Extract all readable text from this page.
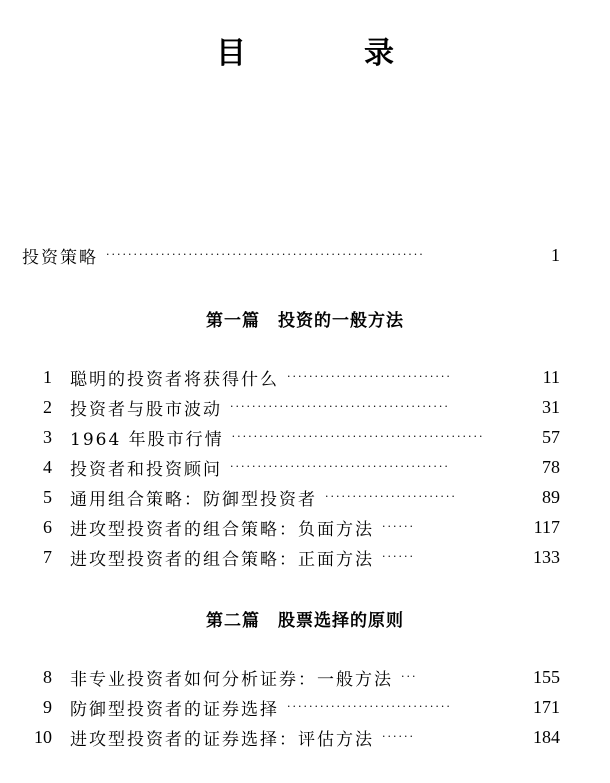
目　录
投资策略 ··························································	1
第一篇　投资的一般方法
1 聪明的投资者将获得什么 ······························	11
2 投资者与股市波动 ········································	31
3 1964 年股市行情 ··············································	57
4 投资者和投资顾问 ········································	78
5 通用组合策略：防御型投资者 ························	89
6 进攻型投资者的组合策略：负面方法 ······	117
7 进攻型投资者的组合策略：正面方法 ······	133
第二篇　股票选择的原则
8 非专业投资者如何分析证券：一般方法 ···	155
9 防御型投资者的证券选择 ······························	171
10 进攻型投资者的证券选择：评估方法 ······	184
